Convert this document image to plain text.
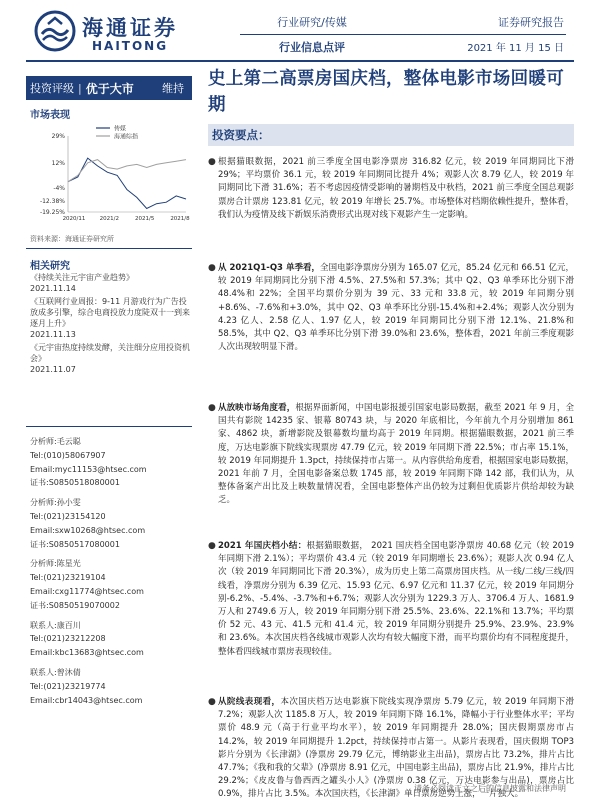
海通证券
HAITONG
行业研究/传媒
行业信息点评
证券研究报告
2021 年 11 月 15 日
投资评级 | 优于大市	维持
市场表现
传媒
海通综指
29%
12%
-4%
-12.38%
-19.25%
2020/11	2021/2	2021/5	2021/8
资料来源：海通证券研究所
相关研究
《持续关注元宇宙产业趋势》
2021.11.14
《互联网行业周报：9-11 月游戏行为广告投放成多引擎，综合电商投放力度陡双十一到来逐月上升》
2021.11.13
《元宇宙热度持续发酵，关注细分应用投资机会》
2021.11.07
分析师:毛云聪
Tel:(010)58067907
Email:myc11153@htsec.com
证书:S0850518080001
分析师:孙小雯
Tel:(021)23154120
Email:sxw10268@htsec.com
证书:S0850517080001
分析师:陈星光
Tel:(021)23219104
Email:cxg11774@htsec.com
证书:S0850519070002
联系人:康百川
Tel:(021)23212208
Email:kbc13683@htsec.com
联系人:曾沐倩
Tel:(021)23219774
Email:cbr14043@htsec.com
史上第二高票房国庆档，整体电影市场回暖可期
投资要点：
● 根据猫眼数据，2021 前三季度全国电影净票房 316.82 亿元，较 2019 年同期同比下滑 29%；平均票价 36.1 元，较 2019 年同期同比提升 4%；观影人次 8.79 亿人，较 2019 年同期同比下滑 31.6%；若不考虑因疫情受影响的暑期档及中秋档，2021 前三季度全国总观影票房合计票房 123.81 亿元，较 2019 年增长 25.7%。市场整体对档期依赖性提升，整体看，我们认为疫情及线下新娱乐消费形式出现对线下观影产生一定影响。
● 从 2021Q1-Q3 单季看，全国电影净票房分别为 165.07 亿元，85.24 亿元和 66.51 亿元，较 2019 年同期同比分别下滑 4.5%、27.5%和 57.3%；其中 Q2、Q3 单季环比分别下滑 48.4%和 22%；全国平均票价分别为 39 元、33 元和 33.8 元，较 2019 年同期分别+8.6%、-7.6%和+3.0%，其中 Q2、Q3 单季环比分别-15.4%和+2.4%；观影人次分别为 4.23 亿人、2.58 亿人、1.97 亿人，较 2019 年同期同比分别下滑 12.1%、21.8%和 58.5%，其中 Q2、Q3 单季环比分别下滑 39.0%和 23.6%，整体看，2021 年前三季度观影人次出现较明显下滑。
● 从放映市场角度看，根据界面新闻，中国电影报援引国家电影局数据，截至 2021 年 9 月，全国共有影院 14235 家、银幕 80743 块，与 2020 年底相比，今年前九个月分别增加 861 家、4862 块，新增影院及银幕数均量均高于 2019 年同期。根据猫眼数据，2021 前三季度，万达电影旗下院线实现票房 47.79 亿元，较 2019 年同期下滑 22.5%；市占率 15.1%，较 2019 年同期提升 1.3pct，持续保持市占第一。从内容供给角度看，根据国家电影局数据，2021 年前 7 月，全国电影备案总数 1745 部，较 2019 年同期下降 142 部，我们认为，从整体备案产出比及上映数量情况看，全国电影整体产出仍较为过剩但优质影片供给却较为缺乏。
● 2021 年国庆档小结：根据猫眼数据， 2021 国庆档全国电影净票房 40.68 亿元（较 2019 年同期下滑 2.1%）；平均票价 43.4 元（较 2019 年同期增长 23.6%）；观影人次 0.94 亿人次（较 2019 年同期同比下滑 20.3%），成为历史上第二高票房国庆档。从一线/二线/三线/四线看，净票房分别为 6.39 亿元、15.93 亿元、6.97 亿元和 11.37 亿元，较 2019 年同期分别-6.2%、-5.4%、-3.7%和+6.7%；观影人次分别为 1229.3 万人、3706.4 万人、1681.9 万人和 2749.6 万人，较 2019 年同期分别下滑 25.5%、23.6%、22.1%和 13.7%；平均票价 52 元、43 元、41.5 元和 41.4 元，较 2019 年同期分别提升 25.9%、23.9%、23.9%和 23.6%。本次国庆档各线城市观影人次均有较大幅度下滑，而平均票价均有不同程度提升，整体看四线城市票房表现较佳。
● 从院线表现看，本次国庆档万达电影旗下院线实现净票房 5.79 亿元，较 2019 年同期下滑 7.2%；观影人次 1185.8 万人，较 2019 年同期下降 16.1%，降幅小于行业整体水平；平均票价 48.9 元（高于行业平均水平），较 2019 年同期提升 28.0%；国庆假期票房市占 14.2%，较 2019 年同期提升 1.2pct，持续保持市占第一。从影片表现看，国庆假期 TOP3 影片分别为《长津湖》(净票房 29.79 亿元，博纳影业主出品)，票房占比 73.2%，排片占比 47.7%；《我和我的父辈》(净票房 8.91 亿元，中国电影主出品)，票房占比 21.9%，排片占比 29.2%；《皮皮鲁与鲁西西之罐头小人》(净票房 0.38 亿元，万达电影参与出品)，票房占比 0.9%，排片占比 3.5%。本次国庆档，《长津湖》单日票房逆势上涨，一片独大。
请务必阅读正文之后的信息披露和法律声明
